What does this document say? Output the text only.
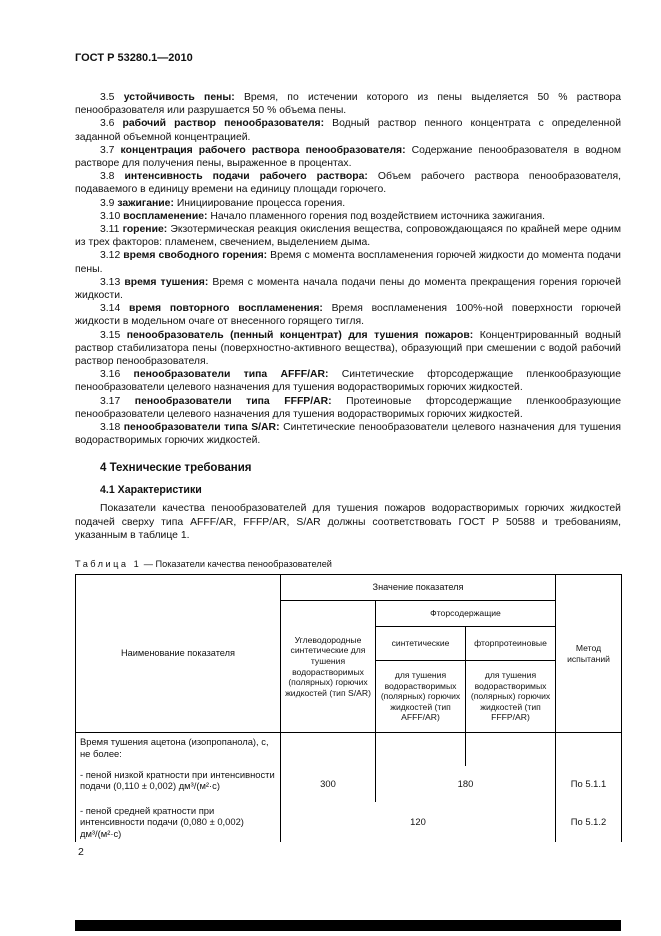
ГОСТ Р 53280.1—2010

3.5 устойчивость пены: Время, по истечении которого из пены выделяется 50 % раствора пенообразователя или разрушается 50 % объема пены.

3.6 рабочий раствор пенообразователя: Водный раствор пенного концентрата с определенной заданной объемной концентрацией.

3.7 концентрация рабочего раствора пенообразователя: Содержание пенообразователя в водном растворе для получения пены, выраженное в процентах.

3.8 интенсивность подачи рабочего раствора: Объем рабочего раствора пенообразователя, подаваемого в единицу времени на единицу площади горючего.

3.9 зажигание: Инициирование процесса горения.

3.10 воспламенение: Начало пламенного горения под воздействием источника зажигания.

3.11 горение: Экзотермическая реакция окисления вещества, сопровождающаяся по крайней мере одним из трех факторов: пламенем, свечением, выделением дыма.

3.12 время свободного горения: Время с момента воспламенения горючей жидкости до момента подачи пены.

3.13 время тушения: Время с момента начала подачи пены до момента прекращения горения горючей жидкости.

3.14 время повторного воспламенения: Время воспламенения 100%-ной поверхности горючей жидкости в модельном очаге от внесенного горящего тигля.

3.15 пенообразователь (пенный концентрат) для тушения пожаров: Концентрированный водный раствор стабилизатора пены (поверхностно-активного вещества), образующий при смешении с водой рабочий раствор пенообразователя.

3.16 пенообразователи типа AFFF/AR: Синтетические фторсодержащие пленкообразующие пенообразователи целевого назначения для тушения водорастворимых горючих жидкостей.

3.17 пенообразователи типа FFFP/AR: Протеиновые фторсодержащие пленкообразующие пенообразователи целевого назначения для тушения водорастворимых горючих жидкостей.

3.18 пенообразователи типа S/AR: Синтетические пенообразователи целевого назначения для тушения водорастворимых горючих жидкостей.

4 Технические требования
4.1 Характеристики

Показатели качества пенообразователей для тушения пожаров водорастворимых горючих жидкостей подачей сверху типа AFFF/AR, FFFP/AR, S/AR должны соответствовать ГОСТ Р 50588 и требованиям, указанным в таблице 1.

Таблица 1 — Показатели качества пенообразователей
Наименование показателя	Значение показателя			Метод испытаний
	Углеводородные синтетические для тушения водорастворимых (полярных) горючих жидкостей (тип S/AR)	Фторсодержащие		
		синтетические	фторпротеиновые	
		для тушения водорастворимых (полярных) горючих жидкостей (тип AFFF/AR)	для тушения водорастворимых (полярных) горючих жидкостей (тип FFFP/AR)	
Время тушения ацетона (изопропанола), с, не более:				
- пеной низкой кратности при интенсивности подачи (0,110 ± 0,002) дм³/(м²·с)	300	180		По 5.1.1
- пеной средней кратности при интенсивности подачи (0,080 ± 0,002) дм³/(м²·с)	120			По 5.1.2
2
